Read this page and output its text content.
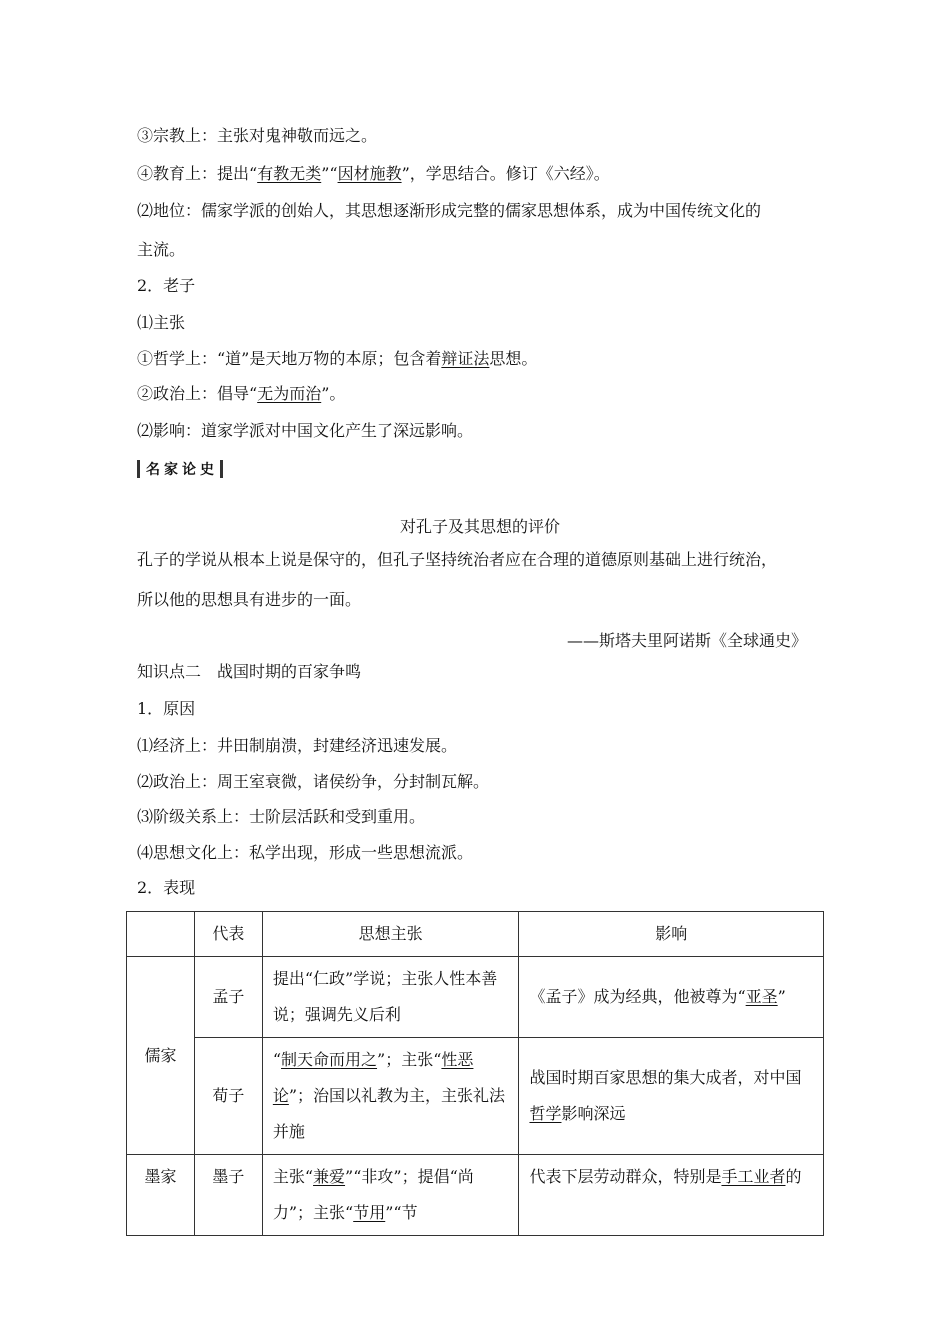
③宗教上：主张对鬼神敬而远之。
④教育上：提出“有教无类”“因材施教”，学思结合。修订《六经》。
⑵地位：儒家学派的创始人，其思想逐渐形成完整的儒家思想体系，成为中国传统文化的
主流。
2．老子
⑴主张
①哲学上：“道”是天地万物的本原；包含着辩证法思想。
②政治上：倡导“无为而治”。
⑵影响：道家学派对中国文化产生了深远影响。
名家论史
对孔子及其思想的评价
孔子的学说从根本上说是保守的，但孔子坚持统治者应在合理的道德原则基础上进行统治，
所以他的思想具有进步的一面。
——斯塔夫里阿诺斯《全球通史》
知识点二　战国时期的百家争鸣
1．原因
⑴经济上：井田制崩溃，封建经济迅速发展。
⑵政治上：周王室衰微，诸侯纷争，分封制瓦解。
⑶阶级关系上：士阶层活跃和受到重用。
⑷思想文化上：私学出现，形成一些思想流派。
2．表现
	代表	思想主张	影响
儒家	孟子	提出“仁政”学说；主张人性本善说；强调先义后利	《孟子》成为经典，他被尊为“亚圣”
	荀子	“制天命而用之”；主张“性恶论”；治国以礼教为主，主张礼法并施	战国时期百家思想的集大成者，对中国哲学影响深远
墨家	墨子	主张“兼爱”“非攻”；提倡“尚力”；主张“节用”“节	代表下层劳动群众，特别是手工业者的
